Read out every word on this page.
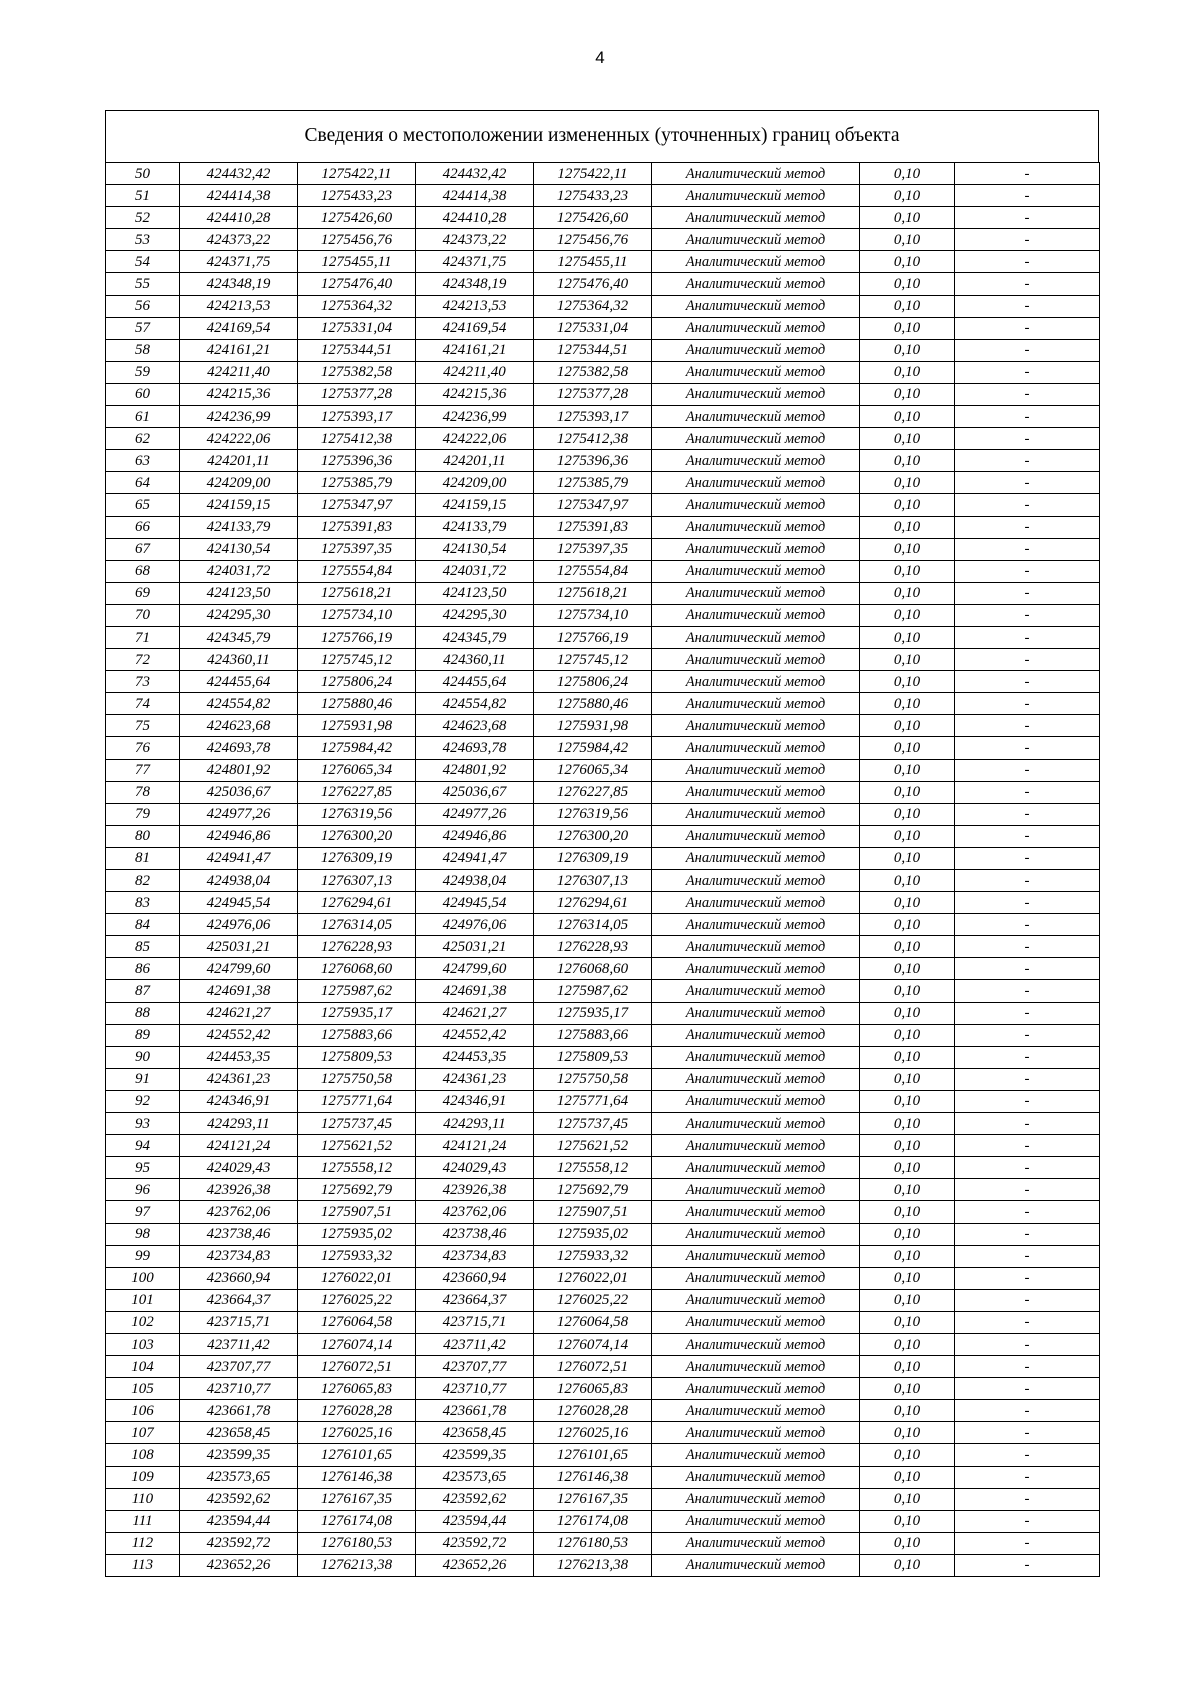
4
Сведения о местоположении измененных (уточненных) границ объекта
50	424432,42	1275422,11	424432,42	1275422,11	Аналитический метод	0,10	-
51	424414,38	1275433,23	424414,38	1275433,23	Аналитический метод	0,10	-
52	424410,28	1275426,60	424410,28	1275426,60	Аналитический метод	0,10	-
53	424373,22	1275456,76	424373,22	1275456,76	Аналитический метод	0,10	-
54	424371,75	1275455,11	424371,75	1275455,11	Аналитический метод	0,10	-
55	424348,19	1275476,40	424348,19	1275476,40	Аналитический метод	0,10	-
56	424213,53	1275364,32	424213,53	1275364,32	Аналитический метод	0,10	-
57	424169,54	1275331,04	424169,54	1275331,04	Аналитический метод	0,10	-
58	424161,21	1275344,51	424161,21	1275344,51	Аналитический метод	0,10	-
59	424211,40	1275382,58	424211,40	1275382,58	Аналитический метод	0,10	-
60	424215,36	1275377,28	424215,36	1275377,28	Аналитический метод	0,10	-
61	424236,99	1275393,17	424236,99	1275393,17	Аналитический метод	0,10	-
62	424222,06	1275412,38	424222,06	1275412,38	Аналитический метод	0,10	-
63	424201,11	1275396,36	424201,11	1275396,36	Аналитический метод	0,10	-
64	424209,00	1275385,79	424209,00	1275385,79	Аналитический метод	0,10	-
65	424159,15	1275347,97	424159,15	1275347,97	Аналитический метод	0,10	-
66	424133,79	1275391,83	424133,79	1275391,83	Аналитический метод	0,10	-
67	424130,54	1275397,35	424130,54	1275397,35	Аналитический метод	0,10	-
68	424031,72	1275554,84	424031,72	1275554,84	Аналитический метод	0,10	-
69	424123,50	1275618,21	424123,50	1275618,21	Аналитический метод	0,10	-
70	424295,30	1275734,10	424295,30	1275734,10	Аналитический метод	0,10	-
71	424345,79	1275766,19	424345,79	1275766,19	Аналитический метод	0,10	-
72	424360,11	1275745,12	424360,11	1275745,12	Аналитический метод	0,10	-
73	424455,64	1275806,24	424455,64	1275806,24	Аналитический метод	0,10	-
74	424554,82	1275880,46	424554,82	1275880,46	Аналитический метод	0,10	-
75	424623,68	1275931,98	424623,68	1275931,98	Аналитический метод	0,10	-
76	424693,78	1275984,42	424693,78	1275984,42	Аналитический метод	0,10	-
77	424801,92	1276065,34	424801,92	1276065,34	Аналитический метод	0,10	-
78	425036,67	1276227,85	425036,67	1276227,85	Аналитический метод	0,10	-
79	424977,26	1276319,56	424977,26	1276319,56	Аналитический метод	0,10	-
80	424946,86	1276300,20	424946,86	1276300,20	Аналитический метод	0,10	-
81	424941,47	1276309,19	424941,47	1276309,19	Аналитический метод	0,10	-
82	424938,04	1276307,13	424938,04	1276307,13	Аналитический метод	0,10	-
83	424945,54	1276294,61	424945,54	1276294,61	Аналитический метод	0,10	-
84	424976,06	1276314,05	424976,06	1276314,05	Аналитический метод	0,10	-
85	425031,21	1276228,93	425031,21	1276228,93	Аналитический метод	0,10	-
86	424799,60	1276068,60	424799,60	1276068,60	Аналитический метод	0,10	-
87	424691,38	1275987,62	424691,38	1275987,62	Аналитический метод	0,10	-
88	424621,27	1275935,17	424621,27	1275935,17	Аналитический метод	0,10	-
89	424552,42	1275883,66	424552,42	1275883,66	Аналитический метод	0,10	-
90	424453,35	1275809,53	424453,35	1275809,53	Аналитический метод	0,10	-
91	424361,23	1275750,58	424361,23	1275750,58	Аналитический метод	0,10	-
92	424346,91	1275771,64	424346,91	1275771,64	Аналитический метод	0,10	-
93	424293,11	1275737,45	424293,11	1275737,45	Аналитический метод	0,10	-
94	424121,24	1275621,52	424121,24	1275621,52	Аналитический метод	0,10	-
95	424029,43	1275558,12	424029,43	1275558,12	Аналитический метод	0,10	-
96	423926,38	1275692,79	423926,38	1275692,79	Аналитический метод	0,10	-
97	423762,06	1275907,51	423762,06	1275907,51	Аналитический метод	0,10	-
98	423738,46	1275935,02	423738,46	1275935,02	Аналитический метод	0,10	-
99	423734,83	1275933,32	423734,83	1275933,32	Аналитический метод	0,10	-
100	423660,94	1276022,01	423660,94	1276022,01	Аналитический метод	0,10	-
101	423664,37	1276025,22	423664,37	1276025,22	Аналитический метод	0,10	-
102	423715,71	1276064,58	423715,71	1276064,58	Аналитический метод	0,10	-
103	423711,42	1276074,14	423711,42	1276074,14	Аналитический метод	0,10	-
104	423707,77	1276072,51	423707,77	1276072,51	Аналитический метод	0,10	-
105	423710,77	1276065,83	423710,77	1276065,83	Аналитический метод	0,10	-
106	423661,78	1276028,28	423661,78	1276028,28	Аналитический метод	0,10	-
107	423658,45	1276025,16	423658,45	1276025,16	Аналитический метод	0,10	-
108	423599,35	1276101,65	423599,35	1276101,65	Аналитический метод	0,10	-
109	423573,65	1276146,38	423573,65	1276146,38	Аналитический метод	0,10	-
110	423592,62	1276167,35	423592,62	1276167,35	Аналитический метод	0,10	-
111	423594,44	1276174,08	423594,44	1276174,08	Аналитический метод	0,10	-
112	423592,72	1276180,53	423592,72	1276180,53	Аналитический метод	0,10	-
113	423652,26	1276213,38	423652,26	1276213,38	Аналитический метод	0,10	-
